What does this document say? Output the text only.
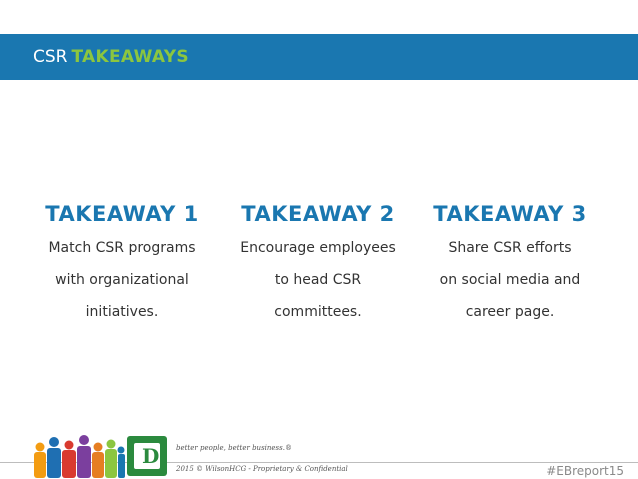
CSR TAKEAWAYS
TAKEAWAY 1
Match CSR programs
with organizational
initiatives.
TAKEAWAY 2
Encourage employees
to head CSR
committees.
TAKEAWAY 3
Share CSR efforts
on social media and
career page.
D better people, better business.®
2015 © WilsonHCG - Proprietary & Confidential	#EBreport15
